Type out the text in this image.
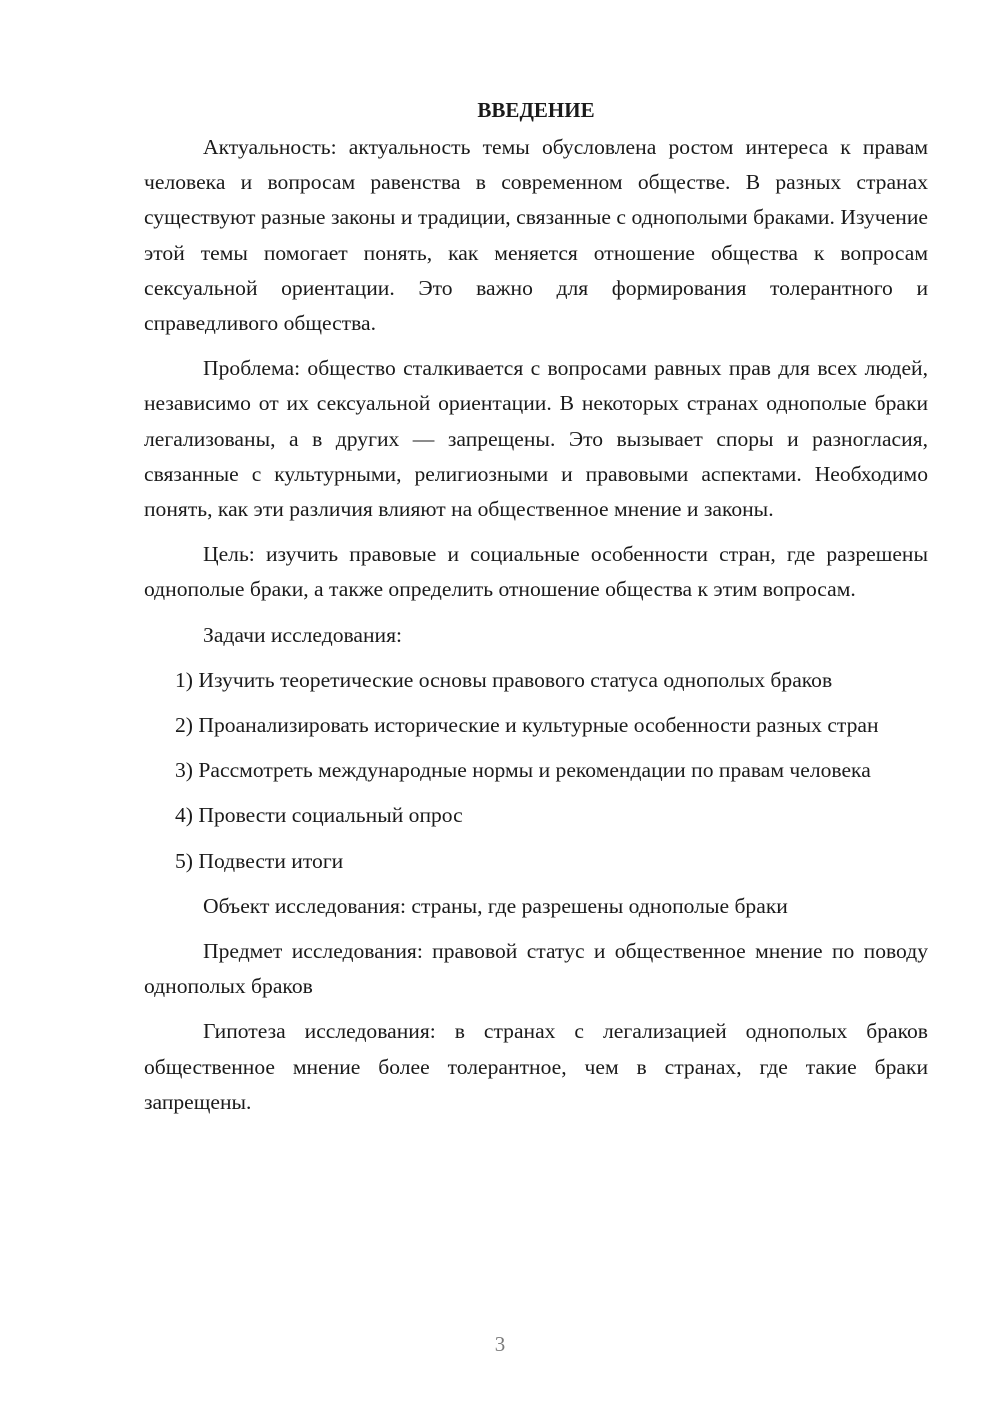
ВВЕДЕНИЕ

Актуальность: актуальность темы обусловлена ростом интереса к правам человека и вопросам равенства в современном обществе. В разных странах существуют разные законы и традиции, связанные с однополыми браками. Изучение этой темы помогает понять, как меняется отношение общества к вопросам сексуальной ориентации. Это важно для формирования толерантного и справедливого общества.

Проблема: общество сталкивается с вопросами равных прав для всех людей, независимо от их сексуальной ориентации. В некоторых странах однополые браки легализованы, а в других — запрещены. Это вызывает споры и разногласия, связанные с культурными, религиозными и правовыми аспектами. Необходимо понять, как эти различия влияют на общественное мнение и законы.

Цель: изучить правовые и социальные особенности стран, где разрешены однополые браки, а также определить отношение общества к этим вопросам.

Задачи исследования:

1) Изучить теоретические основы правового статуса однополых браков

2) Проанализировать исторические и культурные особенности разных стран

3) Рассмотреть международные нормы и рекомендации по правам человека

4) Провести социальный опрос

5) Подвести итоги

Объект исследования: страны, где разрешены однополые браки

Предмет исследования: правовой статус и общественное мнение по поводу однополых браков

Гипотеза исследования: в странах с легализацией однополых браков общественное мнение более толерантное, чем в странах, где такие браки запрещены.

3
